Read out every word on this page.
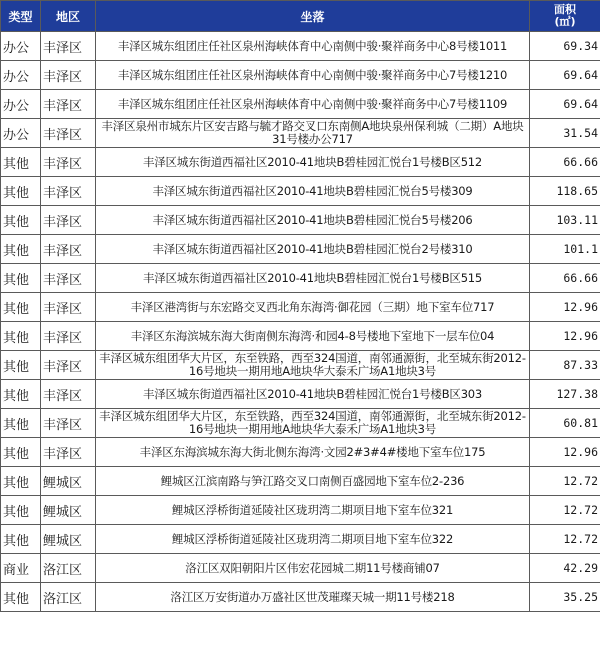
类型	地区	坐落	面积
(㎡)
办公	丰泽区	丰泽区城东组团庄任社区泉州海峡体育中心南侧中骏·聚祥商务中心8号楼1011	69.34
办公	丰泽区	丰泽区城东组团庄任社区泉州海峡体育中心南侧中骏·聚祥商务中心7号楼1210	69.64
办公	丰泽区	丰泽区城东组团庄任社区泉州海峡体育中心南侧中骏·聚祥商务中心7号楼1109	69.64
办公	丰泽区	丰泽区泉州市城东片区安吉路与毓才路交叉口东南侧A地块泉州保利城（二期）A地块31号楼办公717	31.54
其他	丰泽区	丰泽区城东街道西福社区2010-41地块B碧桂园汇悦台1号楼B区512	66.66
其他	丰泽区	丰泽区城东街道西福社区2010-41地块B碧桂园汇悦台5号楼309	118.65
其他	丰泽区	丰泽区城东街道西福社区2010-41地块B碧桂园汇悦台5号楼206	103.11
其他	丰泽区	丰泽区城东街道西福社区2010-41地块B碧桂园汇悦台2号楼310	101.1
其他	丰泽区	丰泽区城东街道西福社区2010-41地块B碧桂园汇悦台1号楼B区515	66.66
其他	丰泽区	丰泽区港湾街与东宏路交叉西北角东海湾·御花园（三期）地下室车位717	12.96
其他	丰泽区	丰泽区东海滨城东海大街南侧东海湾·和园4-8号楼地下室地下一层车位04	12.96
其他	丰泽区	丰泽区城东组团华大片区，东至铁路，西至324国道，南邻通源街，北至城东街2012-16号地块一期用地A地块华大泰禾广场A1地块3号	87.33
其他	丰泽区	丰泽区城东街道西福社区2010-41地块B碧桂园汇悦台1号楼B区303	127.38
其他	丰泽区	丰泽区城东组团华大片区，东至铁路，西至324国道，南邻通源街，北至城东街2012-16号地块一期用地A地块华大泰禾广场A1地块3号	60.81
其他	丰泽区	丰泽区东海滨城东海大街北侧东海湾·文园2#3#4#楼地下室车位175	12.96
其他	鲤城区	鲤城区江滨南路与笋江路交叉口南侧百盛园地下室车位2-236	12.72
其他	鲤城区	鲤城区浮桥街道延陵社区珑玥湾二期项目地下室车位321	12.72
其他	鲤城区	鲤城区浮桥街道延陵社区珑玥湾二期项目地下室车位322	12.72
商业	洛江区	洛江区双阳朝阳片区伟宏花园城二期11号楼商铺07	42.29
其他	洛江区	洛江区万安街道办万盛社区世茂璀璨天城一期11号楼218	35.25
